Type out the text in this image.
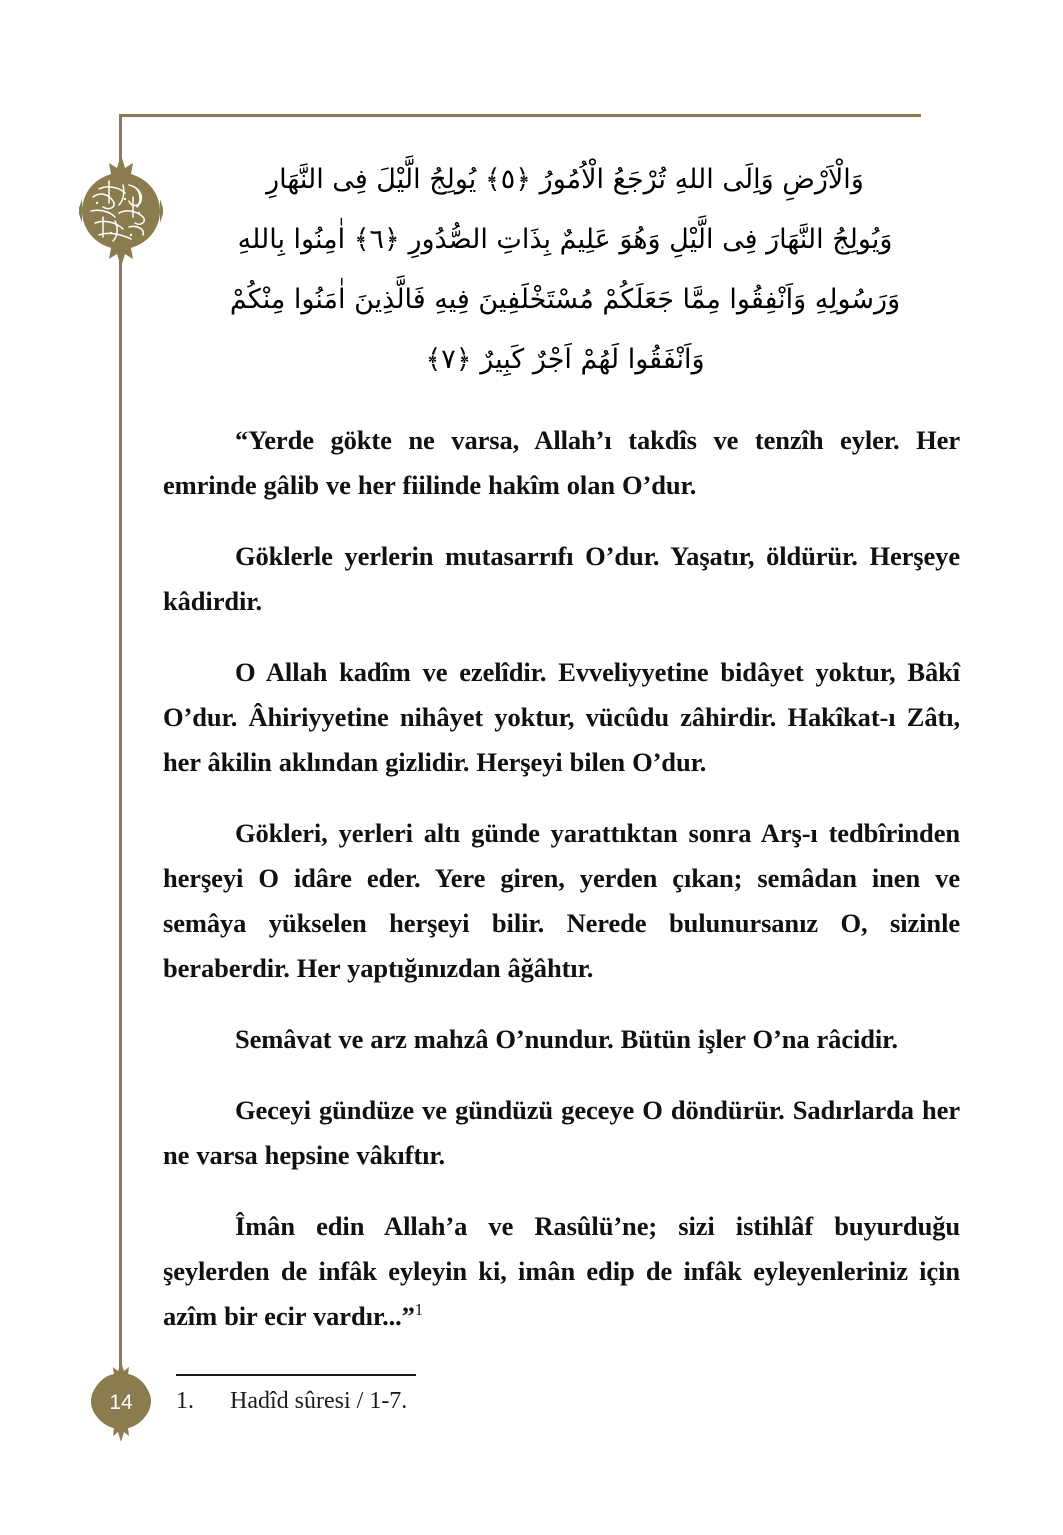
وَالْاَرْضِ وَاِلَى اللهِ تُرْجَعُ الْاُمُورُ ﴿٥﴾ يُولِجُ الَّيْلَ فِى النَّهَارِ
وَيُولِجُ النَّهَارَ فِى الَّيْلِ وَهُوَ عَلِيمٌ بِذَاتِ الصُّدُورِ ﴿٦﴾ اٰمِنُوا بِاللهِ
وَرَسُولِهِ وَاَنْفِقُوا مِمَّا جَعَلَكُمْ مُسْتَخْلَفِينَ فِيهِ فَالَّذِينَ اٰمَنُوا مِنْكُمْ
وَاَنْفَقُوا لَهُمْ اَجْرٌ كَبِيرٌ ﴿٧﴾

“Yerde gökte ne varsa, Allah’ı takdîs ve tenzîh eyler. Her emrinde gâlib ve her fiilinde hakîm olan O’dur.

Göklerle yerlerin mutasarrıfı O’dur. Yaşatır, öldürür. Herşeye kâdirdir.

O Allah kadîm ve ezelîdir. Evveliyyetine bidâyet yoktur, Bâkî O’dur. Âhiriyyetine nihâyet yoktur, vücûdu zâhirdir. Hakîkat-ı Zâtı, her âkilin aklından gizlidir. Herşeyi bilen O’dur.

Gökleri, yerleri altı günde yarattıktan sonra Arş-ı tedbîrinden herşeyi O idâre eder. Yere giren, yerden çıkan; semâdan inen ve semâya yükselen herşeyi bilir. Nerede bulunursanız O, sizinle beraberdir. Her yaptığınızdan âğâhtır.

Semâvat ve arz mahzâ O’nundur. Bütün işler O’na râcidir.

Geceyi gündüze ve gündüzü geceye O döndürür. Sadırlarda her ne varsa hepsine vâkıftır.

Îmân edin Allah’a ve Rasûlü’ne; sizi istihlâf buyurduğu şeylerden de infâk eyleyin ki, imân edip de infâk eyleyenleriniz için azîm bir ecir vardır...”$^1$

1.	Hadîd sûresi / 1-7.
14
